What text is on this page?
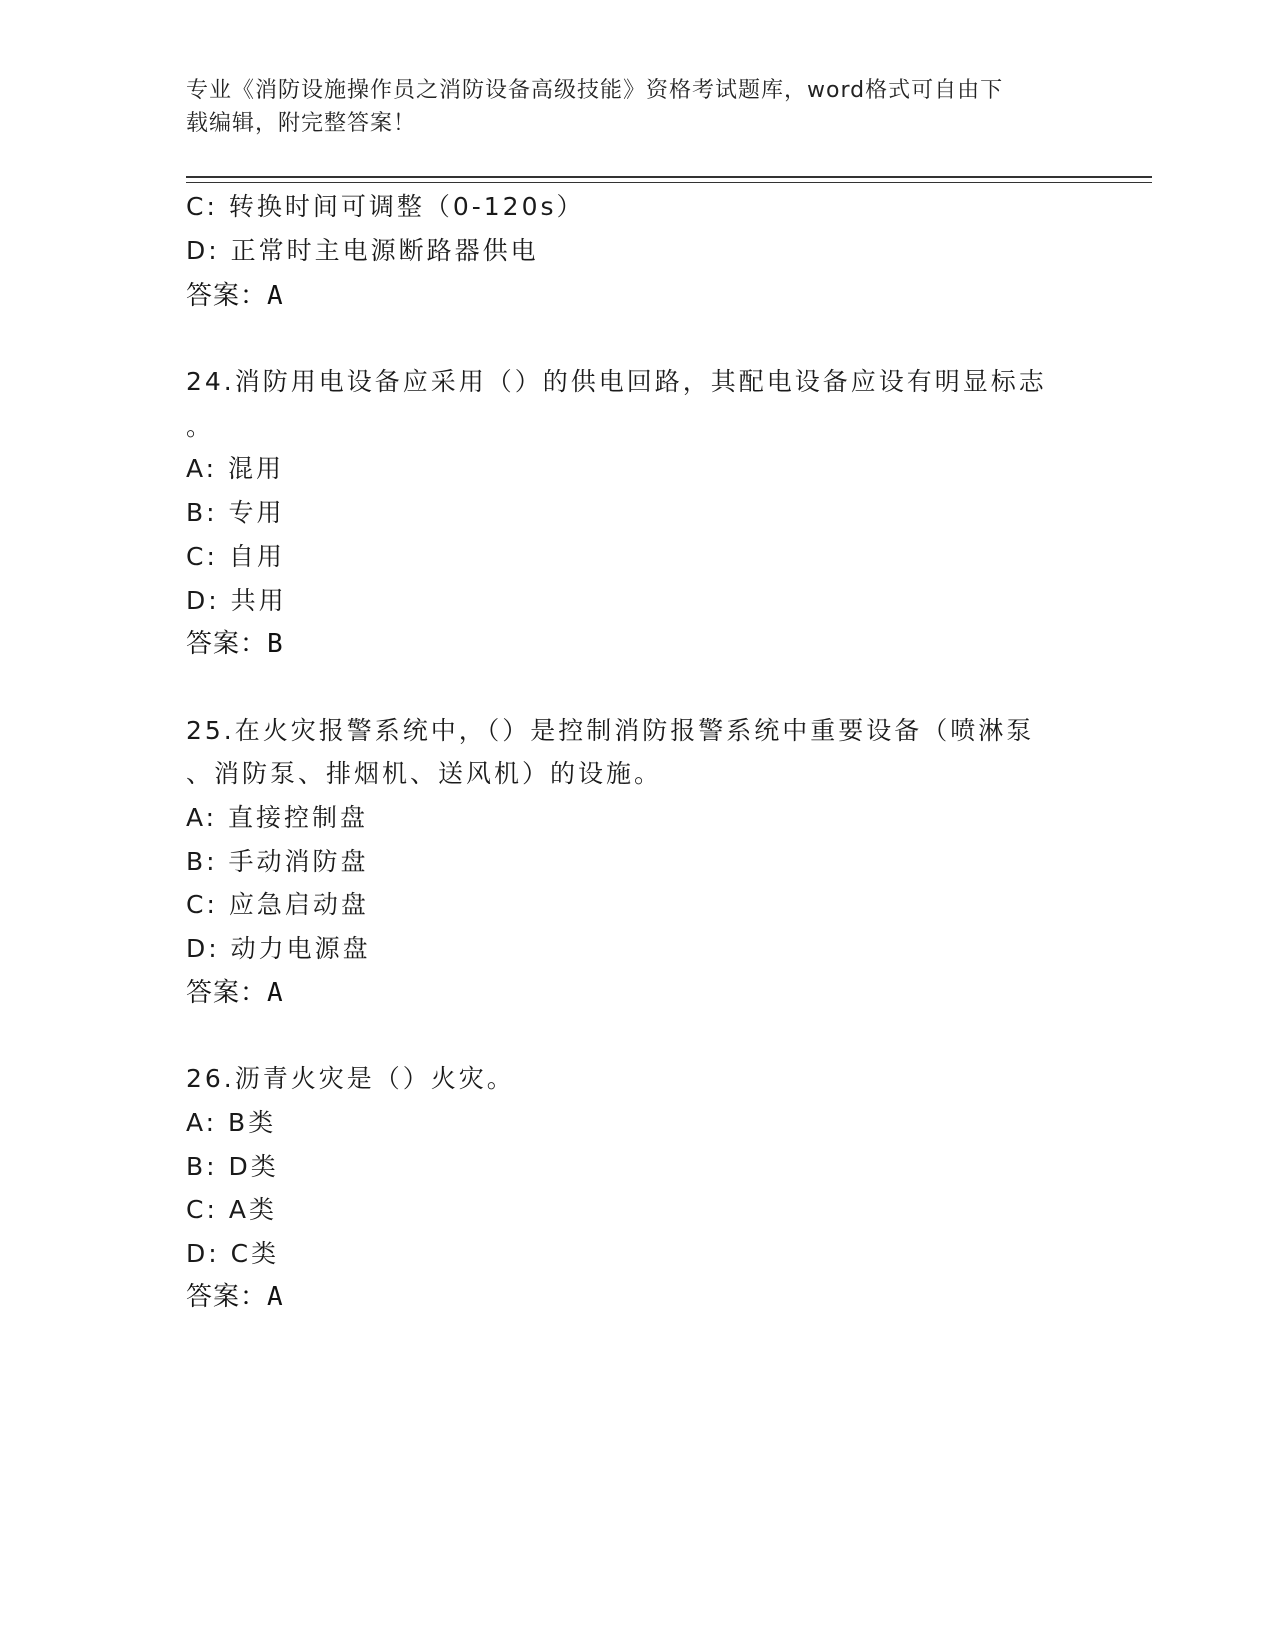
专业《消防设施操作员之消防设备高级技能》资格考试题库，word格式可自由下
载编辑，附完整答案！
C: 转换时间可调整（0-120s）
D: 正常时主电源断路器供电
答案：A
24.消防用电设备应采用（）的供电回路，其配电设备应设有明显标志
。
A: 混用
B: 专用
C: 自用
D: 共用
答案：B
25.在火灾报警系统中，（）是控制消防报警系统中重要设备（喷淋泵
、消防泵、排烟机、送风机）的设施。
A: 直接控制盘
B: 手动消防盘
C: 应急启动盘
D: 动力电源盘
答案：A
26.沥青火灾是（）火灾。
A: B类
B: D类
C: A类
D: C类
答案：A
